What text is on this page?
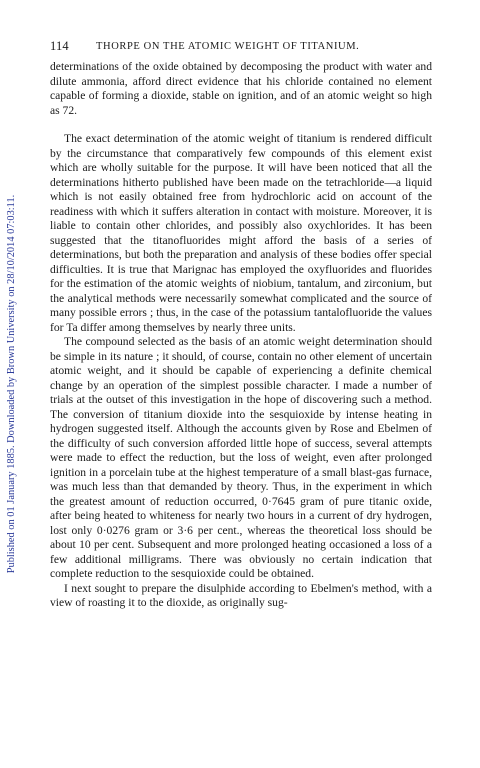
Published on 01 January 1885. Downloaded by Brown University on 28/10/2014 07:03:11.
114	THORPE ON THE ATOMIC WEIGHT OF TITANIUM.

determinations of the oxide obtained by decomposing the product with water and dilute ammonia, afford direct evidence that his chloride contained no element capable of forming a dioxide, stable on ignition, and of an atomic weight so high as 72.

The exact determination of the atomic weight of titanium is rendered difficult by the circumstance that comparatively few compounds of this element exist which are wholly suitable for the purpose. It will have been noticed that all the determinations hitherto published have been made on the tetrachloride—a liquid which is not easily obtained free from hydrochloric acid on account of the readiness with which it suffers alteration in contact with moisture. Moreover, it is liable to contain other chlorides, and possibly also oxychlorides. It has been suggested that the titanofluorides might afford the basis of a series of determinations, but both the preparation and analysis of these bodies offer special difficulties. It is true that Marignac has employed the oxyfluorides and fluorides for the estimation of the atomic weights of niobium, tantalum, and zirconium, but the analytical methods were necessarily somewhat complicated and the source of many possible errors ; thus, in the case of the potassium tantalofluoride the values for Ta differ among themselves by nearly three units.

The compound selected as the basis of an atomic weight determination should be simple in its nature ; it should, of course, contain no other element of uncertain atomic weight, and it should be capable of experiencing a definite chemical change by an operation of the simplest possible character. I made a number of trials at the outset of this investigation in the hope of discovering such a method. The conversion of titanium dioxide into the sesquioxide by intense heating in hydrogen suggested itself. Although the accounts given by Rose and Ebelmen of the difficulty of such conversion afforded little hope of success, several attempts were made to effect the reduction, but the loss of weight, even after prolonged ignition in a porcelain tube at the highest temperature of a small blast-gas furnace, was much less than that demanded by theory. Thus, in the experiment in which the greatest amount of reduction occurred, 0·7645 gram of pure titanic oxide, after being heated to whiteness for nearly two hours in a current of dry hydrogen, lost only 0·0276 gram or 3·6 per cent., whereas the theoretical loss should be about 10 per cent. Subsequent and more prolonged heating occasioned a loss of a few additional milligrams. There was obviously no certain indication that complete reduction to the sesquioxide could be obtained.

I next sought to prepare the disulphide according to Ebelmen's method, with a view of roasting it to the dioxide, as originally sug-
